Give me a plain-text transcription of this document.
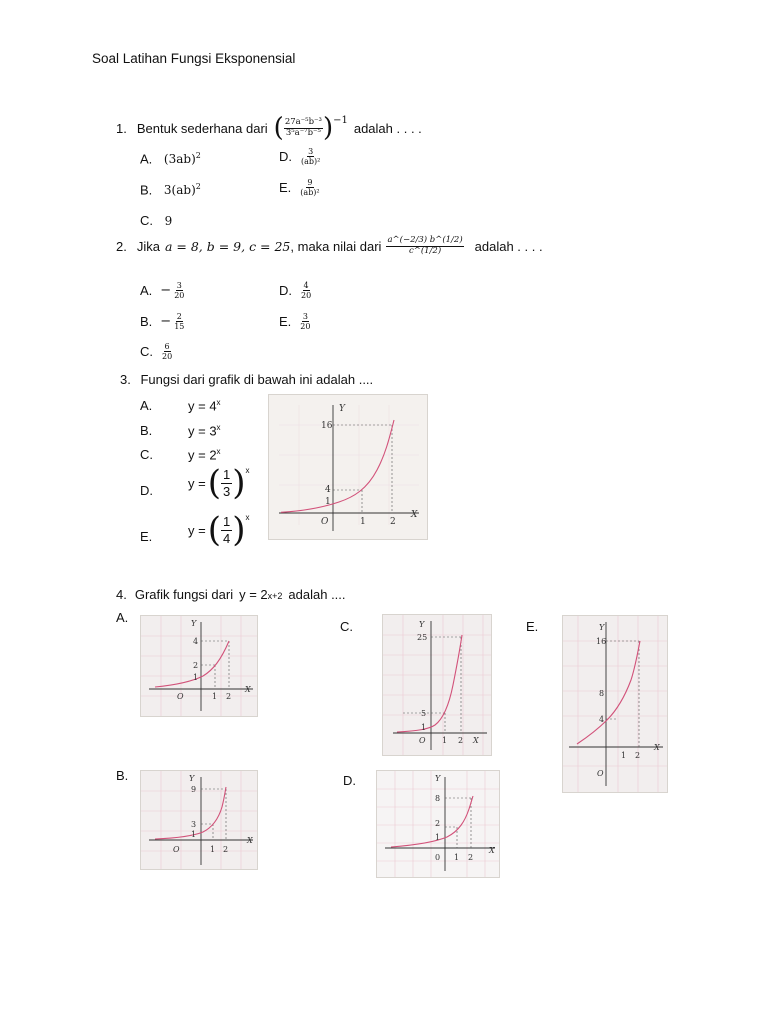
Soal Latihan Fungsi Eksponensial
1. Bentuk sederhana dari ( $\frac{\text{27a⁻⁵b⁻³}}{\text{3⁵a⁻⁷b⁻⁵}} )^{-1}$
adalah . . . .
A. $(3ab)^2$	D. $\frac{3}{\text{(ab)²}}$
B. 3(ab)$^2$	E. $\frac{9}{\text{(ab)²}}$
C. 9
2. Jika a = 8, b = 9, c = 25 , maka nilai dari $\frac{a\^{}(-2/3) b\^{}(1/2)}{c\^{}(1/2)}$ adalah . . . .
A. − $\frac{3}{20}$	D. $\frac{4}{20}$
B. − $\frac{2}{15}$	E. $\frac{3}{20}$
C. $\frac{6}{20}$
3. Fungsi dari grafik di bawah ini adalah ....
A.	$y = 4^x$
B.	$y = 3^x$
C.	$y = 2^x$
D.	y = ( $\frac{1}{3} )^x$
E.	y = ( $\frac{1}{4} )^x$
16
4
1
1	2
O
X
Y
4. Grafik fungsi dari y = 2 x+2 adalah ....
A.
C.	E.
B.	D.
4
2
1
1 2
O
X
Y
25
5
1
1 2
O	X
Y
16
8
4
1 2
O
X
Y
9
3
1
1 2
O
X
Y
8
2
1
1 2
0
X
Y
